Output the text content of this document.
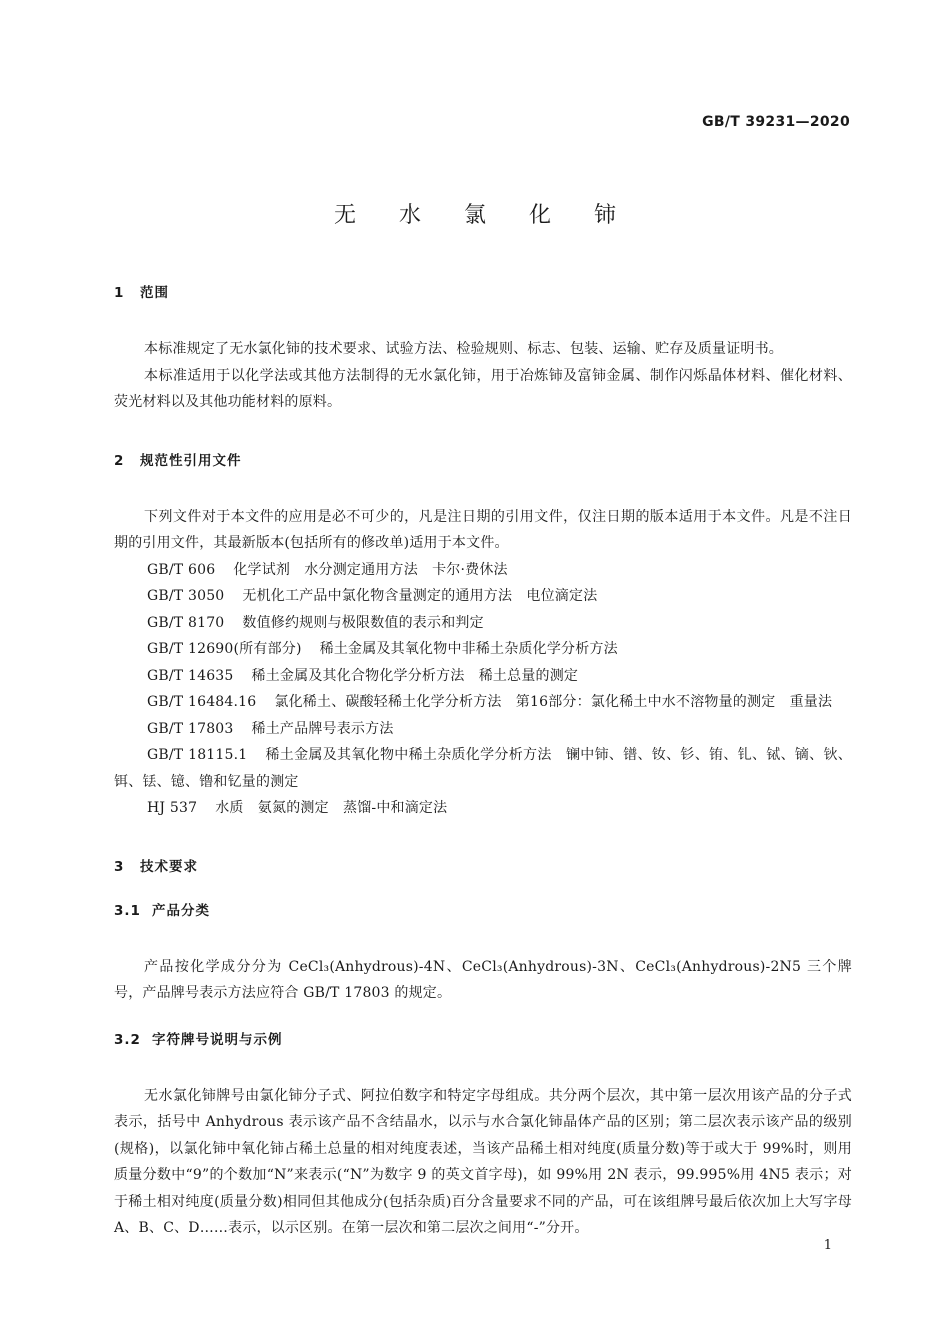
GB/T 39231—2020
无 水 氯 化 铈
1 范围
本标准规定了无水氯化铈的技术要求、试验方法、检验规则、标志、包装、运输、贮存及质量证明书。
本标准适用于以化学法或其他方法制得的无水氯化铈，用于冶炼铈及富铈金属、制作闪烁晶体材料、催化材料、荧光材料以及其他功能材料的原料。
2 规范性引用文件
下列文件对于本文件的应用是必不可少的，凡是注日期的引用文件，仅注日期的版本适用于本文件。凡是不注日期的引用文件，其最新版本(包括所有的修改单)适用于本文件。
GB/T 606 化学试剂　水分测定通用方法　卡尔·费休法
GB/T 3050 无机化工产品中氯化物含量测定的通用方法　电位滴定法
GB/T 8170 数值修约规则与极限数值的表示和判定
GB/T 12690(所有部分) 稀土金属及其氧化物中非稀土杂质化学分析方法
GB/T 14635 稀土金属及其化合物化学分析方法　稀土总量的测定
GB/T 16484.16 氯化稀土、碳酸轻稀土化学分析方法　第16部分：氯化稀土中水不溶物量的测定　重量法
GB/T 17803 稀土产品牌号表示方法
GB/T 18115.1 稀土金属及其氧化物中稀土杂质化学分析方法　镧中铈、镨、钕、钐、铕、钆、铽、镝、钬、铒、铥、镱、镥和钇量的测定
HJ 537 水质　氨氮的测定　蒸馏-中和滴定法
3 技术要求
3.1 产品分类
产品按化学成分分为 CeCl₃(Anhydrous)-4N、CeCl₃(Anhydrous)-3N、CeCl₃(Anhydrous)-2N5 三个牌号，产品牌号表示方法应符合 GB/T 17803 的规定。
3.2 字符牌号说明与示例
无水氯化铈牌号由氯化铈分子式、阿拉伯数字和特定字母组成。共分两个层次，其中第一层次用该产品的分子式表示，括号中 Anhydrous 表示该产品不含结晶水，以示与水合氯化铈晶体产品的区别；第二层次表示该产品的级别(规格)，以氯化铈中氧化铈占稀土总量的相对纯度表述，当该产品稀土相对纯度(质量分数)等于或大于 99%时，则用质量分数中“9”的个数加“N”来表示(“N”为数字 9 的英文首字母)，如 99%用 2N 表示，99.995%用 4N5 表示；对于稀土相对纯度(质量分数)相同但其他成分(包括杂质)百分含量要求不同的产品，可在该组牌号最后依次加上大写字母 A、B、C、D……表示，以示区别。在第一层次和第二层次之间用“-”分开。
1
